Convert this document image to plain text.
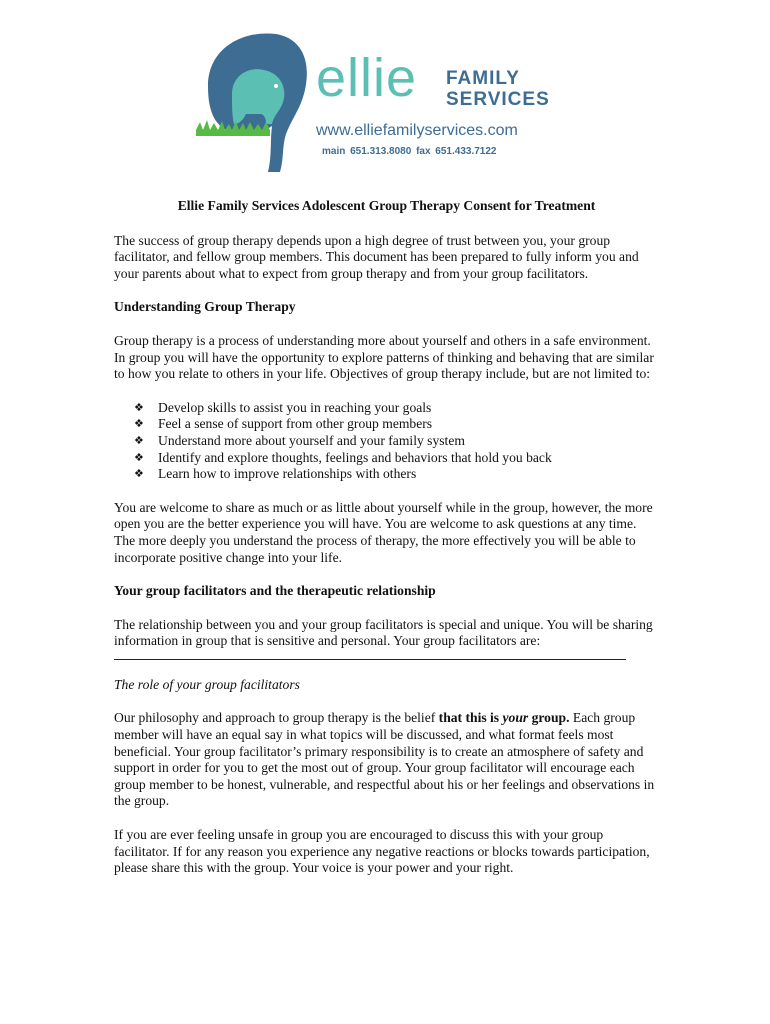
ellie FAMILY
SERVICES
www.elliefamilyservices.com
main 651.313.8080 fax 651.433.7122
Ellie Family Services Adolescent Group Therapy Consent for Treatment

The success of group therapy depends upon a high degree of trust between you, your group facilitator, and fellow group members. This document has been prepared to fully inform you and your parents about what to expect from group therapy and from your group facilitators.

Understanding Group Therapy

Group therapy is a process of understanding more about yourself and others in a safe environment. In group you will have the opportunity to explore patterns of thinking and behaving that are similar to how you relate to others in your life. Objectives of group therapy include, but are not limited to:

❖ Develop skills to assist you in reaching your goals
❖ Feel a sense of support from other group members
❖ Understand more about yourself and your family system
❖ Identify and explore thoughts, feelings and behaviors that hold you back
❖ Learn how to improve relationships with others

You are welcome to share as much or as little about yourself while in the group, however, the more open you are the better experience you will have. You are welcome to ask questions at any time. The more deeply you understand the process of therapy, the more effectively you will be able to incorporate positive change into your life.

Your group facilitators and the therapeutic relationship

The relationship between you and your group facilitators is special and unique. You will be sharing information in group that is sensitive and personal. Your group facilitators are:

The role of your group facilitators

Our philosophy and approach to group therapy is the belief that this is your group. Each group member will have an equal say in what topics will be discussed, and what format feels most beneficial. Your group facilitator’s primary responsibility is to create an atmosphere of safety and support in order for you to get the most out of group. Your group facilitator will encourage each group member to be honest, vulnerable, and respectful about his or her feelings and observations in the group.

If you are ever feeling unsafe in group you are encouraged to discuss this with your group facilitator. If for any reason you experience any negative reactions or blocks towards participation, please share this with the group. Your voice is your power and your right.
